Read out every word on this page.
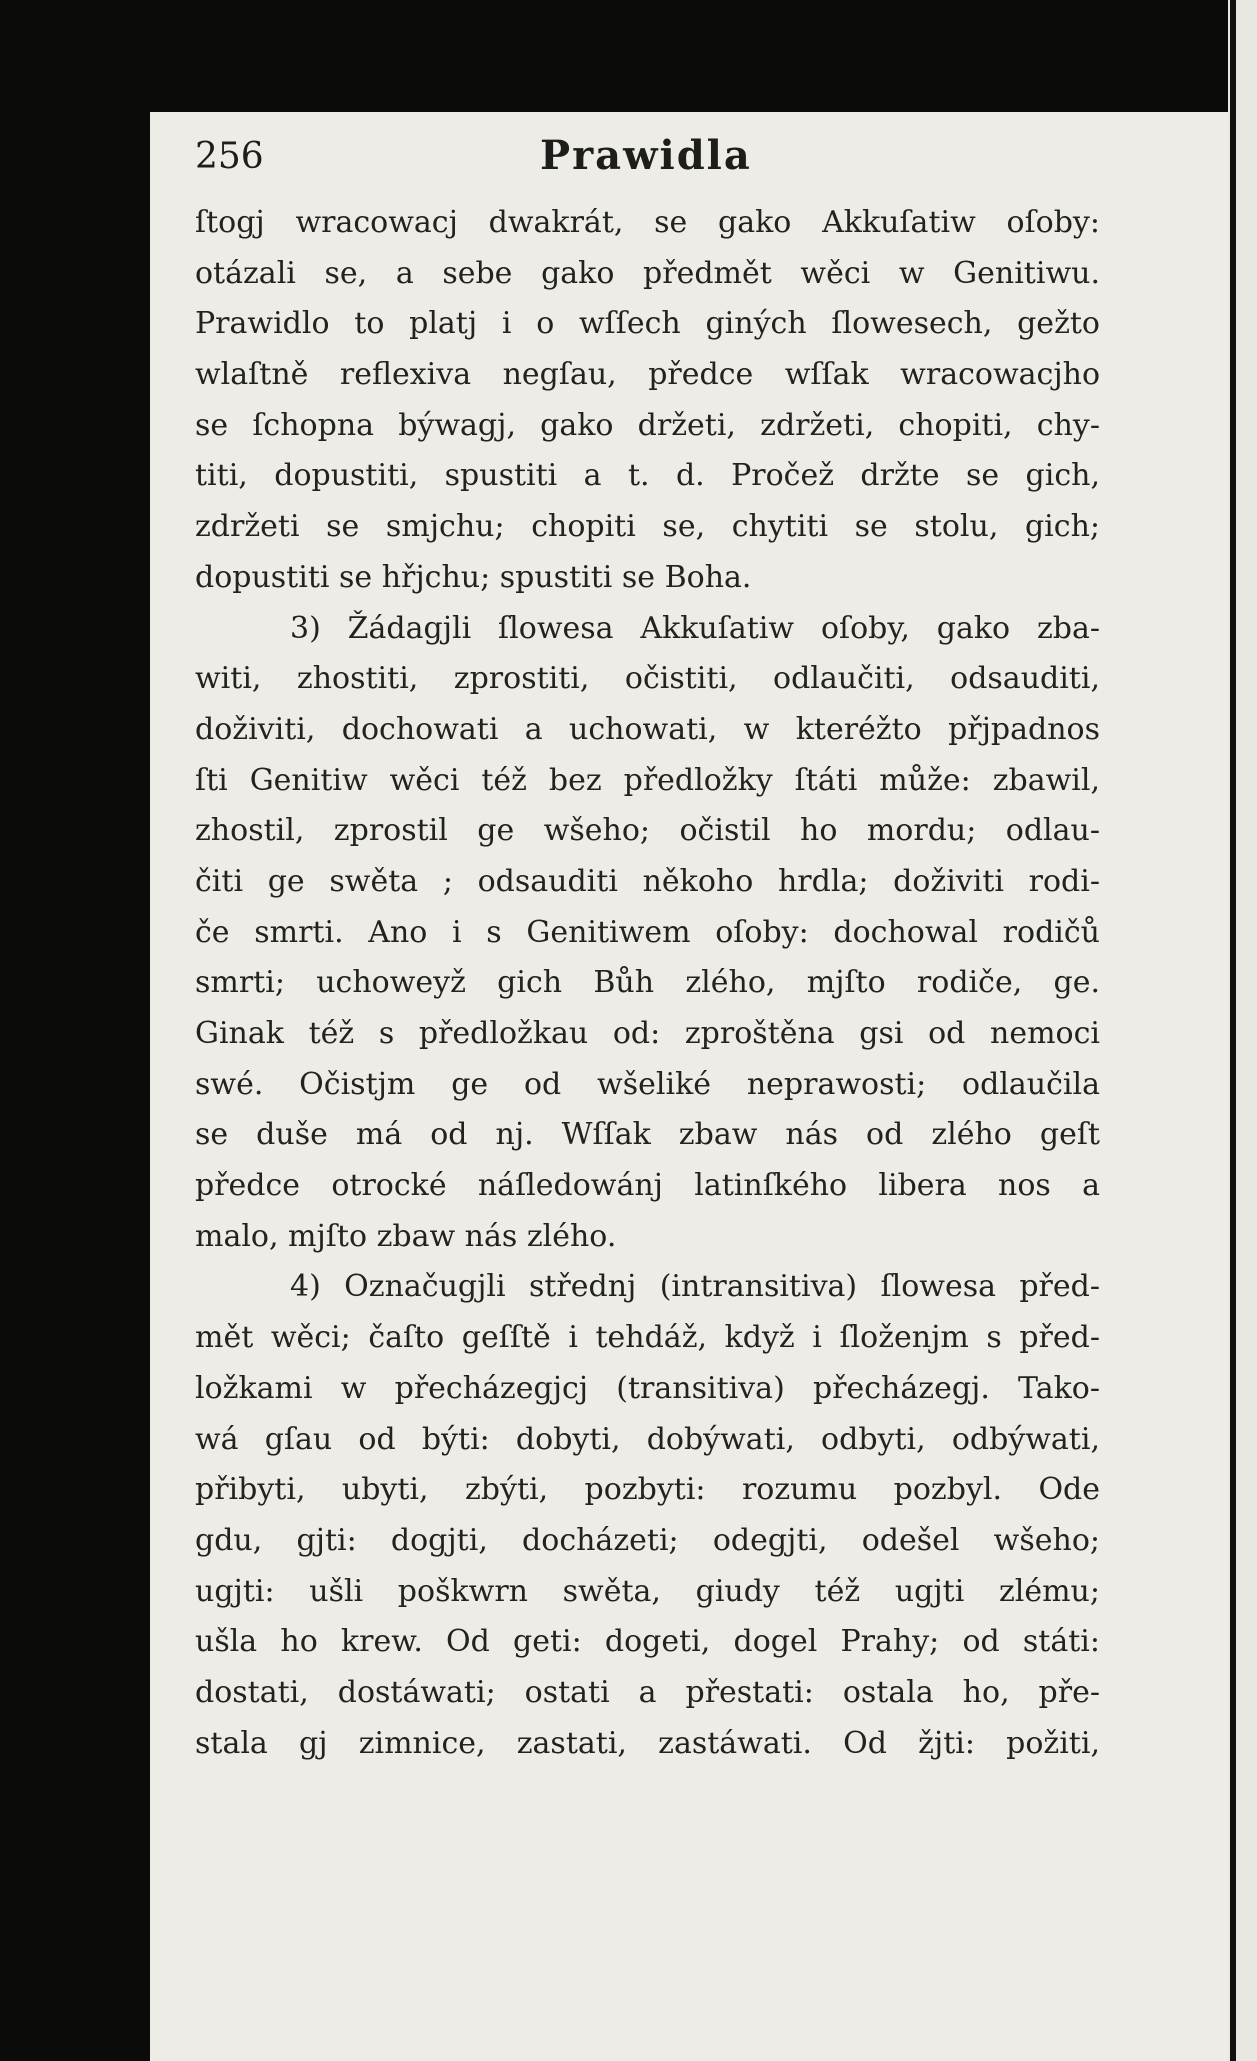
256	Prawidla
ſtogj wracowacj dwakrát, se gako Akkuſatiw oſoby:
otázali se, a sebe gako předmět wěci w Genitiwu.
Prawidlo to platj i o wſſech giných ſlowesech, gežto
wlaſtně reflexiva negſau, předce wſſak wracowacjho
se ſchopna býwagj, gako držeti, zdržeti, chopiti, chy-
titi, dopustiti, spustiti a t. d. Pročež držte se gich,
zdržeti se smjchu; chopiti se, chytiti se stolu, gich;
dopustiti se hřjchu; spustiti se Boha.
3) Žádagjli ſlowesa Akkuſatiw oſoby, gako zba-
witi, zhostiti, zprostiti, očistiti, odlaučiti, odsauditi,
doživiti, dochowati a uchowati, w kteréžto přjpadnos
ſti Genitiw wěci též bez předložky ſtáti může: zbawil,
zhostil, zprostil ge wšeho; očistil ho mordu; odlau-
čiti ge swěta ; odsauditi někoho hrdla; doživiti rodi-
če smrti. Ano i s Genitiwem oſoby: dochowal rodičů
smrti; uchoweyž gich Bůh zlého, mjſto rodiče, ge.
Ginak též s předložkau od: zproštěna gsi od nemoci
swé. Očistjm ge od wšeliké neprawosti; odlaučila
se duše má od nj. Wſſak zbaw nás od zlého geſt
předce otrocké náſledowánj latinſkého libera nos a
malo, mjſto zbaw nás zlého.
4) Označugjli střednj (intransitiva) ſlowesa před-
mět wěci; čaſto geſſtě i tehdáž, když i ſloženjm s před-
ložkami w přecházegjcj (transitiva) přecházegj. Tako-
wá gſau od býti: dobyti, dobýwati, odbyti, odbýwati,
přibyti, ubyti, zbýti, pozbyti: rozumu pozbyl. Ode
gdu, gjti: dogjti, docházeti; odegjti, odešel wšeho;
ugjti: ušli poškwrn swěta, giudy též ugjti zlému;
ušla ho krew. Od geti: dogeti, dogel Prahy; od státi:
dostati, dostáwati; ostati a přestati: ostala ho, pře-
stala gj zimnice, zastati, zastáwati. Od žjti: požiti,
